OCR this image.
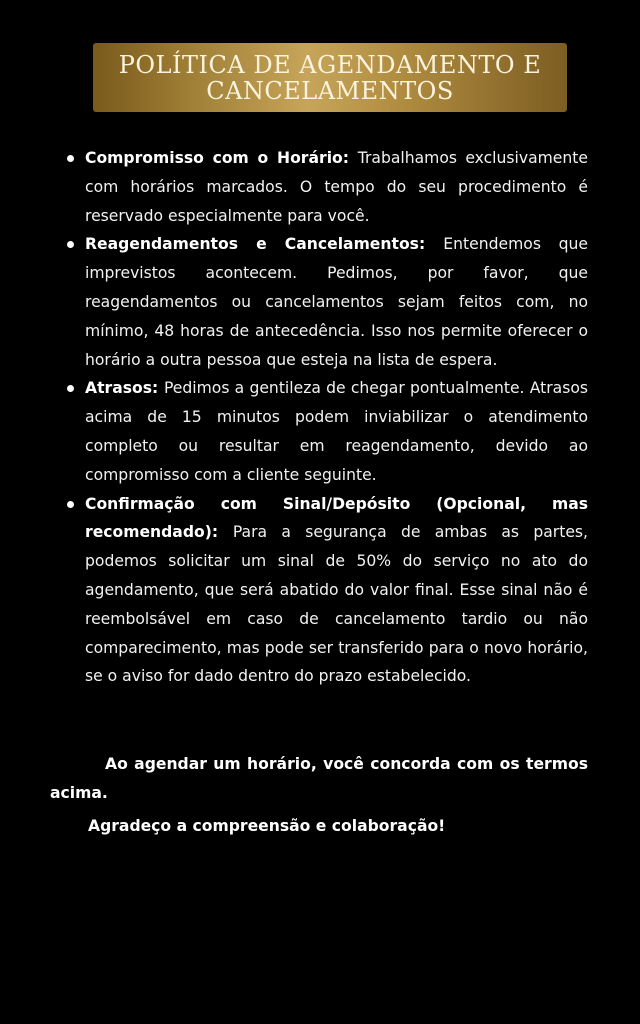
POLÍTICA DE AGENDAMENTO E
CANCELAMENTOS
Compromisso com o Horário: Trabalhamos exclusivamente com horários marcados. O tempo do seu procedimento é reservado especialmente para você.
Reagendamentos e Cancelamentos: Entendemos que imprevistos acontecem. Pedimos, por favor, que reagendamentos ou cancelamentos sejam feitos com, no mínimo, 48 horas de antecedência. Isso nos permite oferecer o horário a outra pessoa que esteja na lista de espera.
Atrasos: Pedimos a gentileza de chegar pontualmente. Atrasos acima de 15 minutos podem inviabilizar o atendimento completo ou resultar em reagendamento, devido ao compromisso com a cliente seguinte.
Confirmação com Sinal/Depósito (Opcional, mas recomendado): Para a segurança de ambas as partes, podemos solicitar um sinal de 50% do serviço no ato do agendamento, que será abatido do valor final. Esse sinal não é reembolsável em caso de cancelamento tardio ou não comparecimento, mas pode ser transferido para o novo horário, se o aviso for dado dentro do prazo estabelecido.

Ao agendar um horário, você concorda com os termos acima.

Agradeço a compreensão e colaboração!
